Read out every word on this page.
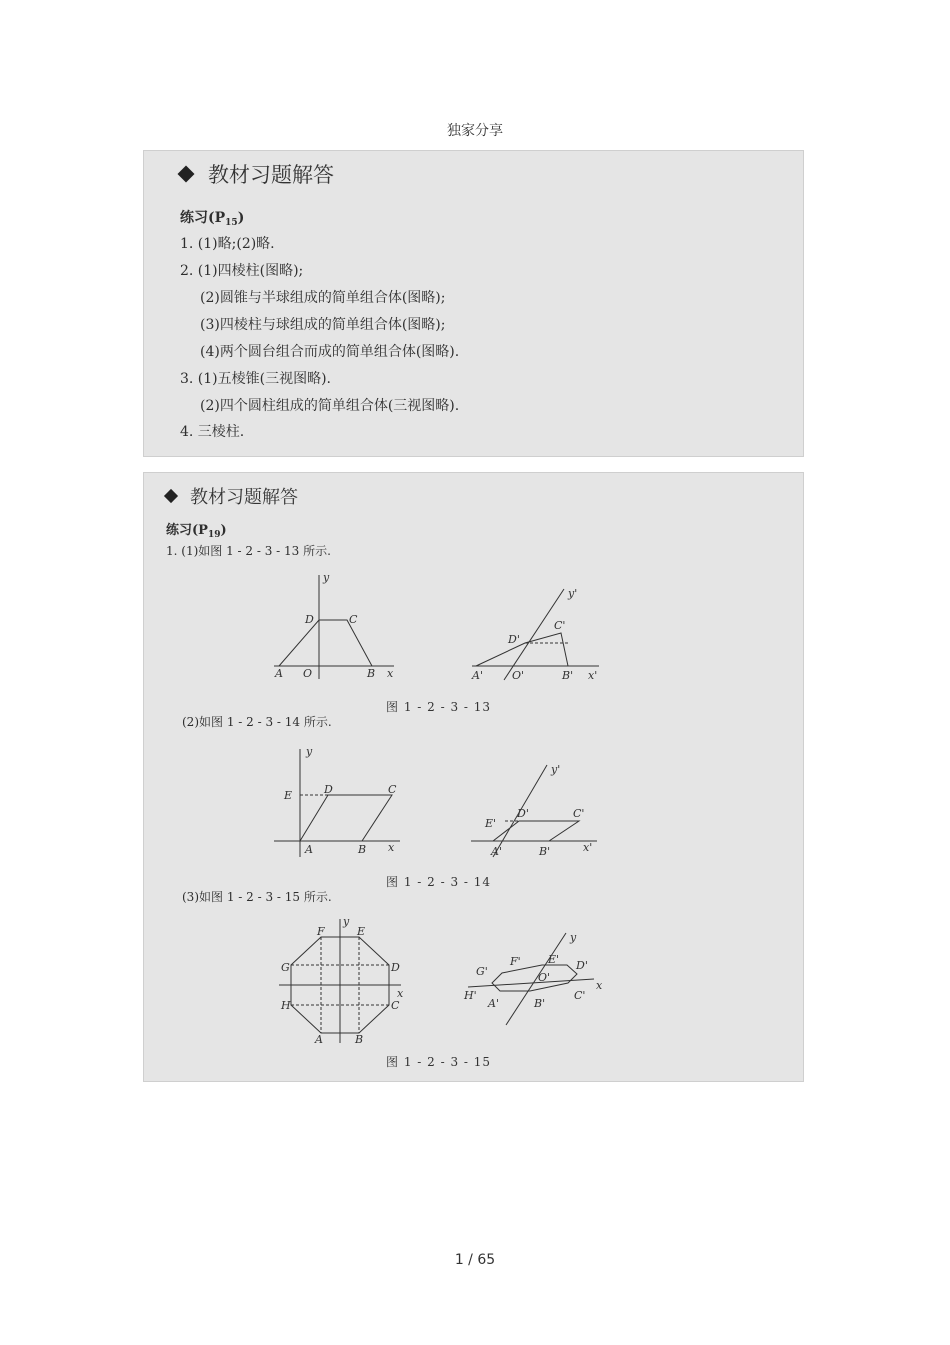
独家分享
教材习题解答
练习$(P_{15})$
1. (1)略;(2)略.
2. (1)四棱柱(图略);
(2)圆锥与半球组成的简单组合体(图略);
(3)四棱柱与球组成的简单组合体(图略);
(4)两个圆台组合而成的简单组合体(图略).
3. (1)五棱锥(三视图略).
(2)四个圆柱组成的简单组合体(三视图略).
4. 三棱柱.
教材习题解答
练习$(P_{19})$
1. (1)如图 1 - 2 - 3 - 13 所示.
A O	B x
y
D	C
A'	O'	B' x'
y'
D'
C'
图 1 - 2 - 3 - 13
(2)如图 1 - 2 - 3 - 14 所示.
A	B x
y
E	D	C
A'	B'	x'
y'
E'
D'	C'
图 1 - 2 - 3 - 14
(3)如图 1 - 2 - 3 - 15 所示.
A	B
C
D
E
F
G
H
x
y
A'	B'
C'
D'
E'
F'
G'
H'
O'
x
y
图 1 - 2 - 3 - 15
1 / 65
